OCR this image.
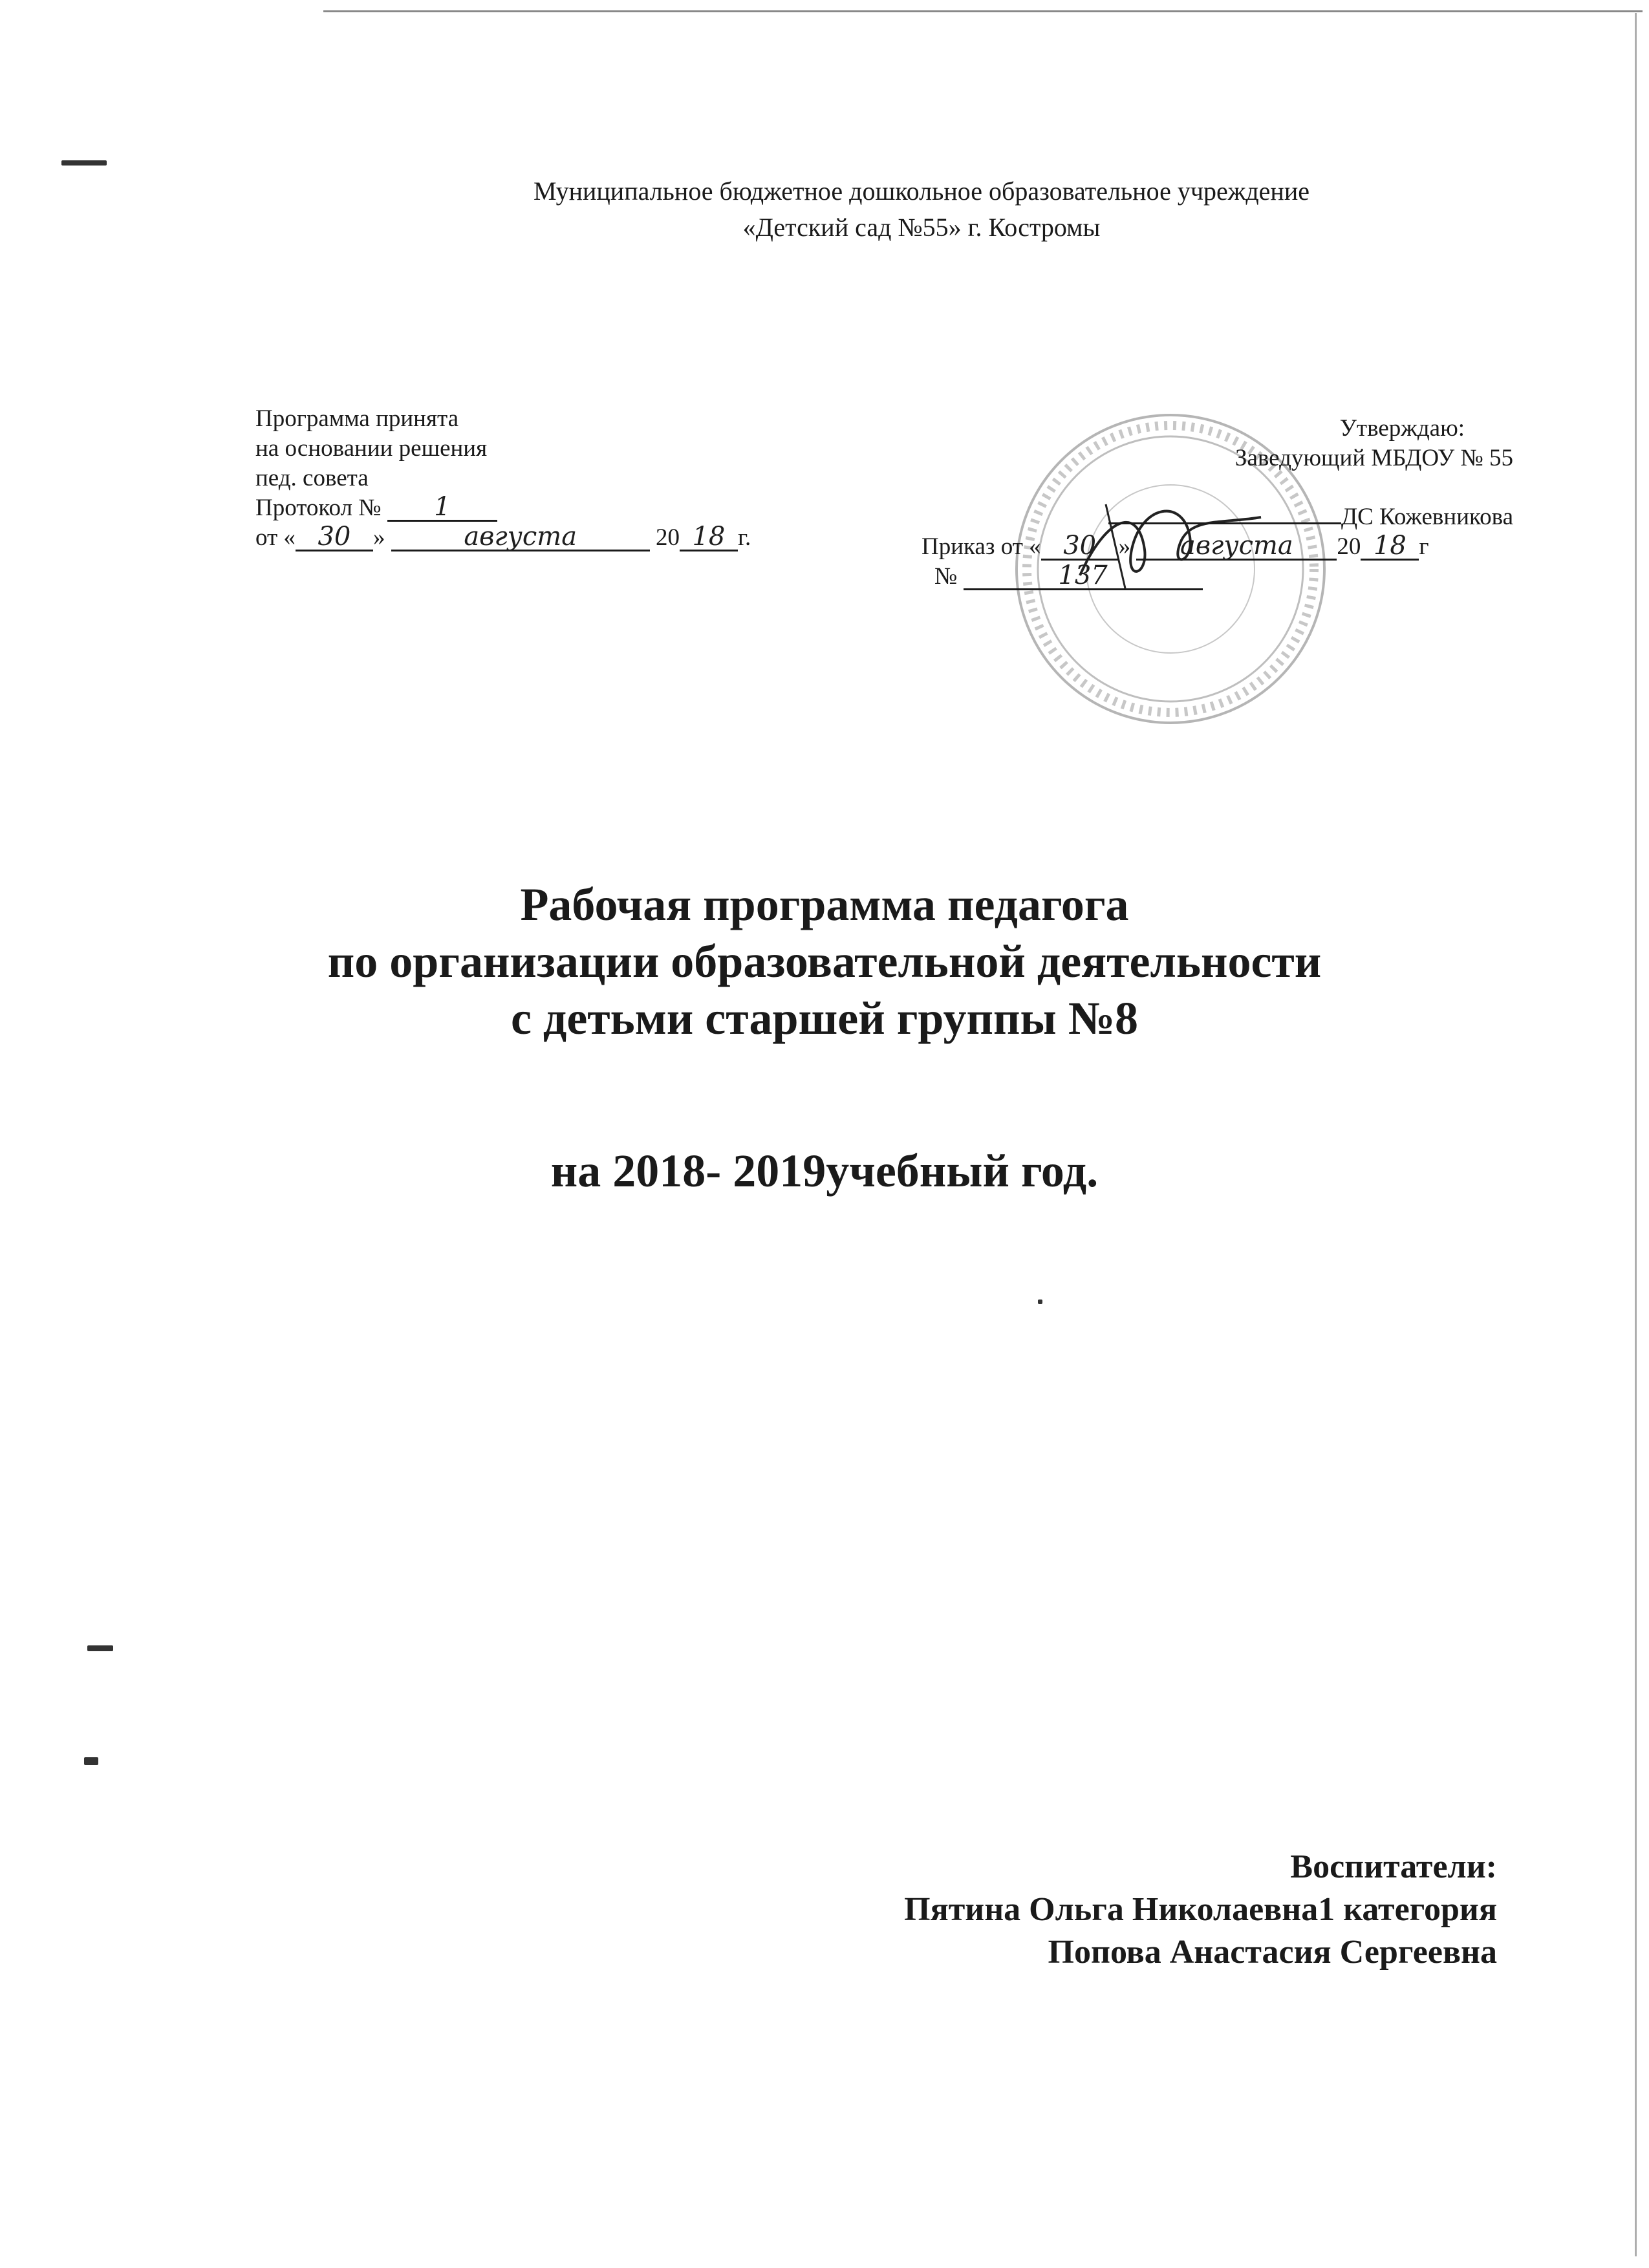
Муниципальное бюджетное дошкольное образовательное учреждение
«Детский сад №55» г. Костромы
Программа принята
на основании решения
пед. совета
Протокол № 1
от « 30 »	августа	20 18 г.
Утверждаю:
Заведующий МБДОУ № 55
ДС Кожевникова
Приказ от « 30 » августа 20 18 г
№	137
Рабочая программа педагога
по организации образовательной деятельности
с детьми старшей группы №8
на 2018- 2019учебный год.
Воспитатели:
Пятина Ольга Николаевна1 категория
Попова Анастасия Сергеевна
